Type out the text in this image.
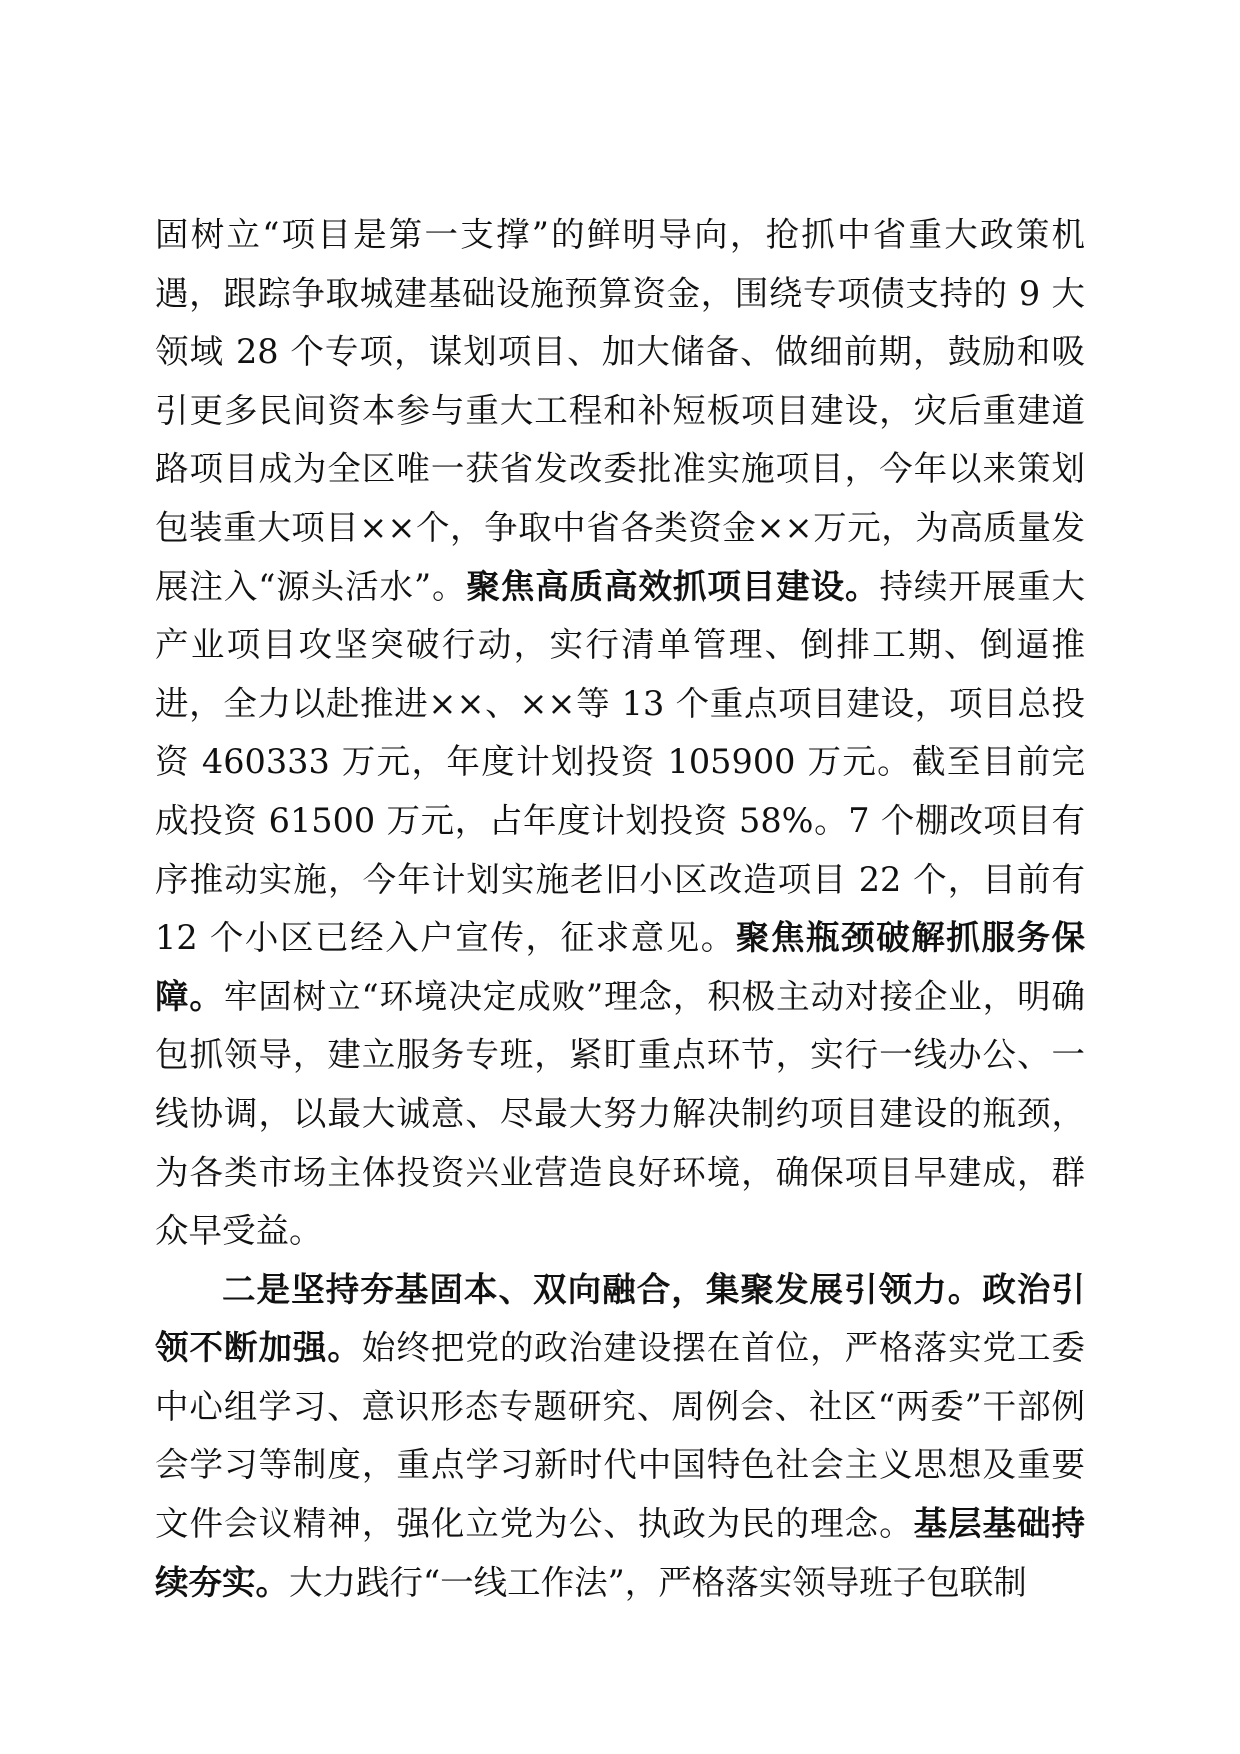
固树立“项目是第一支撑”的鲜明导向，抢抓中省重大政策机遇，跟踪争取城建基础设施预算资金，围绕专项债支持的 9 大领域 28 个专项，谋划项目、加大储备、做细前期，鼓励和吸引更多民间资本参与重大工程和补短板项目建设，灾后重建道路项目成为全区唯一获省发改委批准实施项目，今年以来策划包装重大项目××个，争取中省各类资金××万元，为高质量发展注入“源头活水”。聚焦高质高效抓项目建设。持续开展重大产业项目攻坚突破行动，实行清单管理、倒排工期、倒逼推进，全力以赴推进××、××等 13 个重点项目建设，项目总投资 460333 万元，年度计划投资 105900 万元。截至目前完成投资 61500 万元，占年度计划投资 58%。7 个棚改项目有序推动实施，今年计划实施老旧小区改造项目 22 个，目前有 12 个小区已经入户宣传，征求意见。聚焦瓶颈破解抓服务保障。牢固树立“环境决定成败”理念，积极主动对接企业，明确包抓领导，建立服务专班，紧盯重点环节，实行一线办公、一线协调，以最大诚意、尽最大努力解决制约项目建设的瓶颈，为各类市场主体投资兴业营造良好环境，确保项目早建成，群众早受益。

二是坚持夯基固本、双向融合，集聚发展引领力。政治引领不断加强。始终把党的政治建设摆在首位，严格落实党工委中心组学习、意识形态专题研究、周例会、社区“两委”干部例会学习等制度，重点学习新时代中国特色社会主义思想及重要文件会议精神，强化立党为公、执政为民的理念。基层基础持续夯实。大力践行“一线工作法”，严格落实领导班子包联制
